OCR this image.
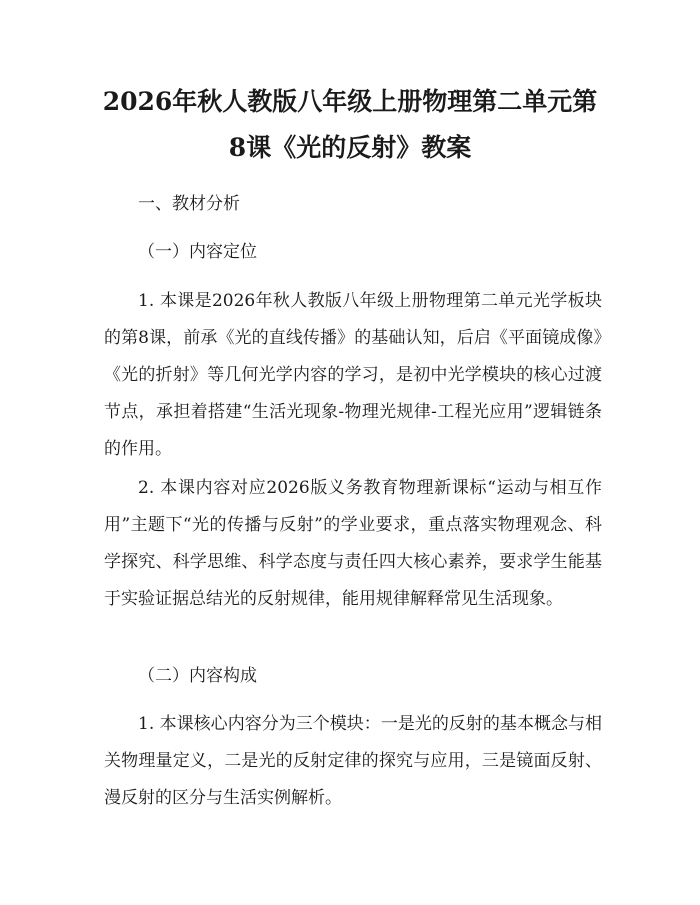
2026年秋人教版八年级上册物理第二单元第
8课《光的反射》教案
一、教材分析
（一）内容定位

1. 本课是2026年秋人教版八年级上册物理第二单元光学板块的第8课，前承《光的直线传播》的基础认知，后启《平面镜成像》《光的折射》等几何光学内容的学习，是初中光学模块的核心过渡节点，承担着搭建“生活光现象-物理光规律-工程光应用”逻辑链条的作用。

2. 本课内容对应2026版义务教育物理新课标“运动与相互作用”主题下“光的传播与反射”的学业要求，重点落实物理观念、科学探究、科学思维、科学态度与责任四大核心素养，要求学生能基于实验证据总结光的反射规律，能用规律解释常见生活现象。

（二）内容构成

1. 本课核心内容分为三个模块：一是光的反射的基本概念与相关物理量定义，二是光的反射定律的探究与应用，三是镜面反射、漫反射的区分与生活实例解析。
